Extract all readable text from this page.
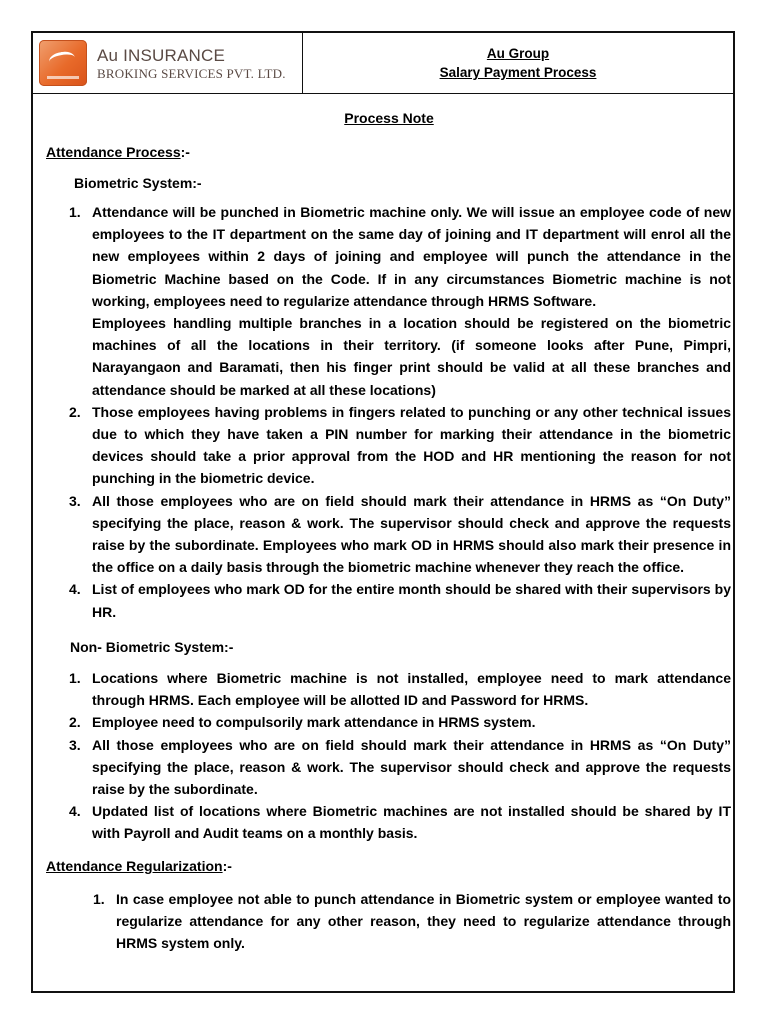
Au INSURANCE
BROKING SERVICES PVT. LTD.
Au Group
Salary Payment Process
Process Note
Attendance Process:-
Biometric System:-
1. Attendance will be punched in Biometric machine only. We will issue an employee code of new employees to the IT department on the same day of joining and IT department will enrol all the new employees within 2 days of joining and employee will punch the attendance in the Biometric Machine based on the Code. If in any circumstances Biometric machine is not working, employees need to regularize attendance through HRMS Software.
Employees handling multiple branches in a location should be registered on the biometric machines of all the locations in their territory. (if someone looks after Pune, Pimpri, Narayangaon and Baramati, then his finger print should be valid at all these branches and attendance should be marked at all these locations)
2. Those employees having problems in fingers related to punching or any other technical issues due to which they have taken a PIN number for marking their attendance in the biometric devices should take a prior approval from the HOD and HR mentioning the reason for not punching in the biometric device.
3. All those employees who are on field should mark their attendance in HRMS as “On Duty” specifying the place, reason & work. The supervisor should check and approve the requests raise by the subordinate. Employees who mark OD in HRMS should also mark their presence in the office on a daily basis through the biometric machine whenever they reach the office.
4. List of employees who mark OD for the entire month should be shared with their supervisors by HR.
Non- Biometric System:-
1. Locations where Biometric machine is not installed, employee need to mark attendance through HRMS. Each employee will be allotted ID and Password for HRMS.
2. Employee need to compulsorily mark attendance in HRMS system.
3. All those employees who are on field should mark their attendance in HRMS as “On Duty” specifying the place, reason & work. The supervisor should check and approve the requests raise by the subordinate.
4. Updated list of locations where Biometric machines are not installed should be shared by IT with Payroll and Audit teams on a monthly basis.
Attendance Regularization:-
1. In case employee not able to punch attendance in Biometric system or employee wanted to regularize attendance for any other reason, they need to regularize attendance through HRMS system only.
